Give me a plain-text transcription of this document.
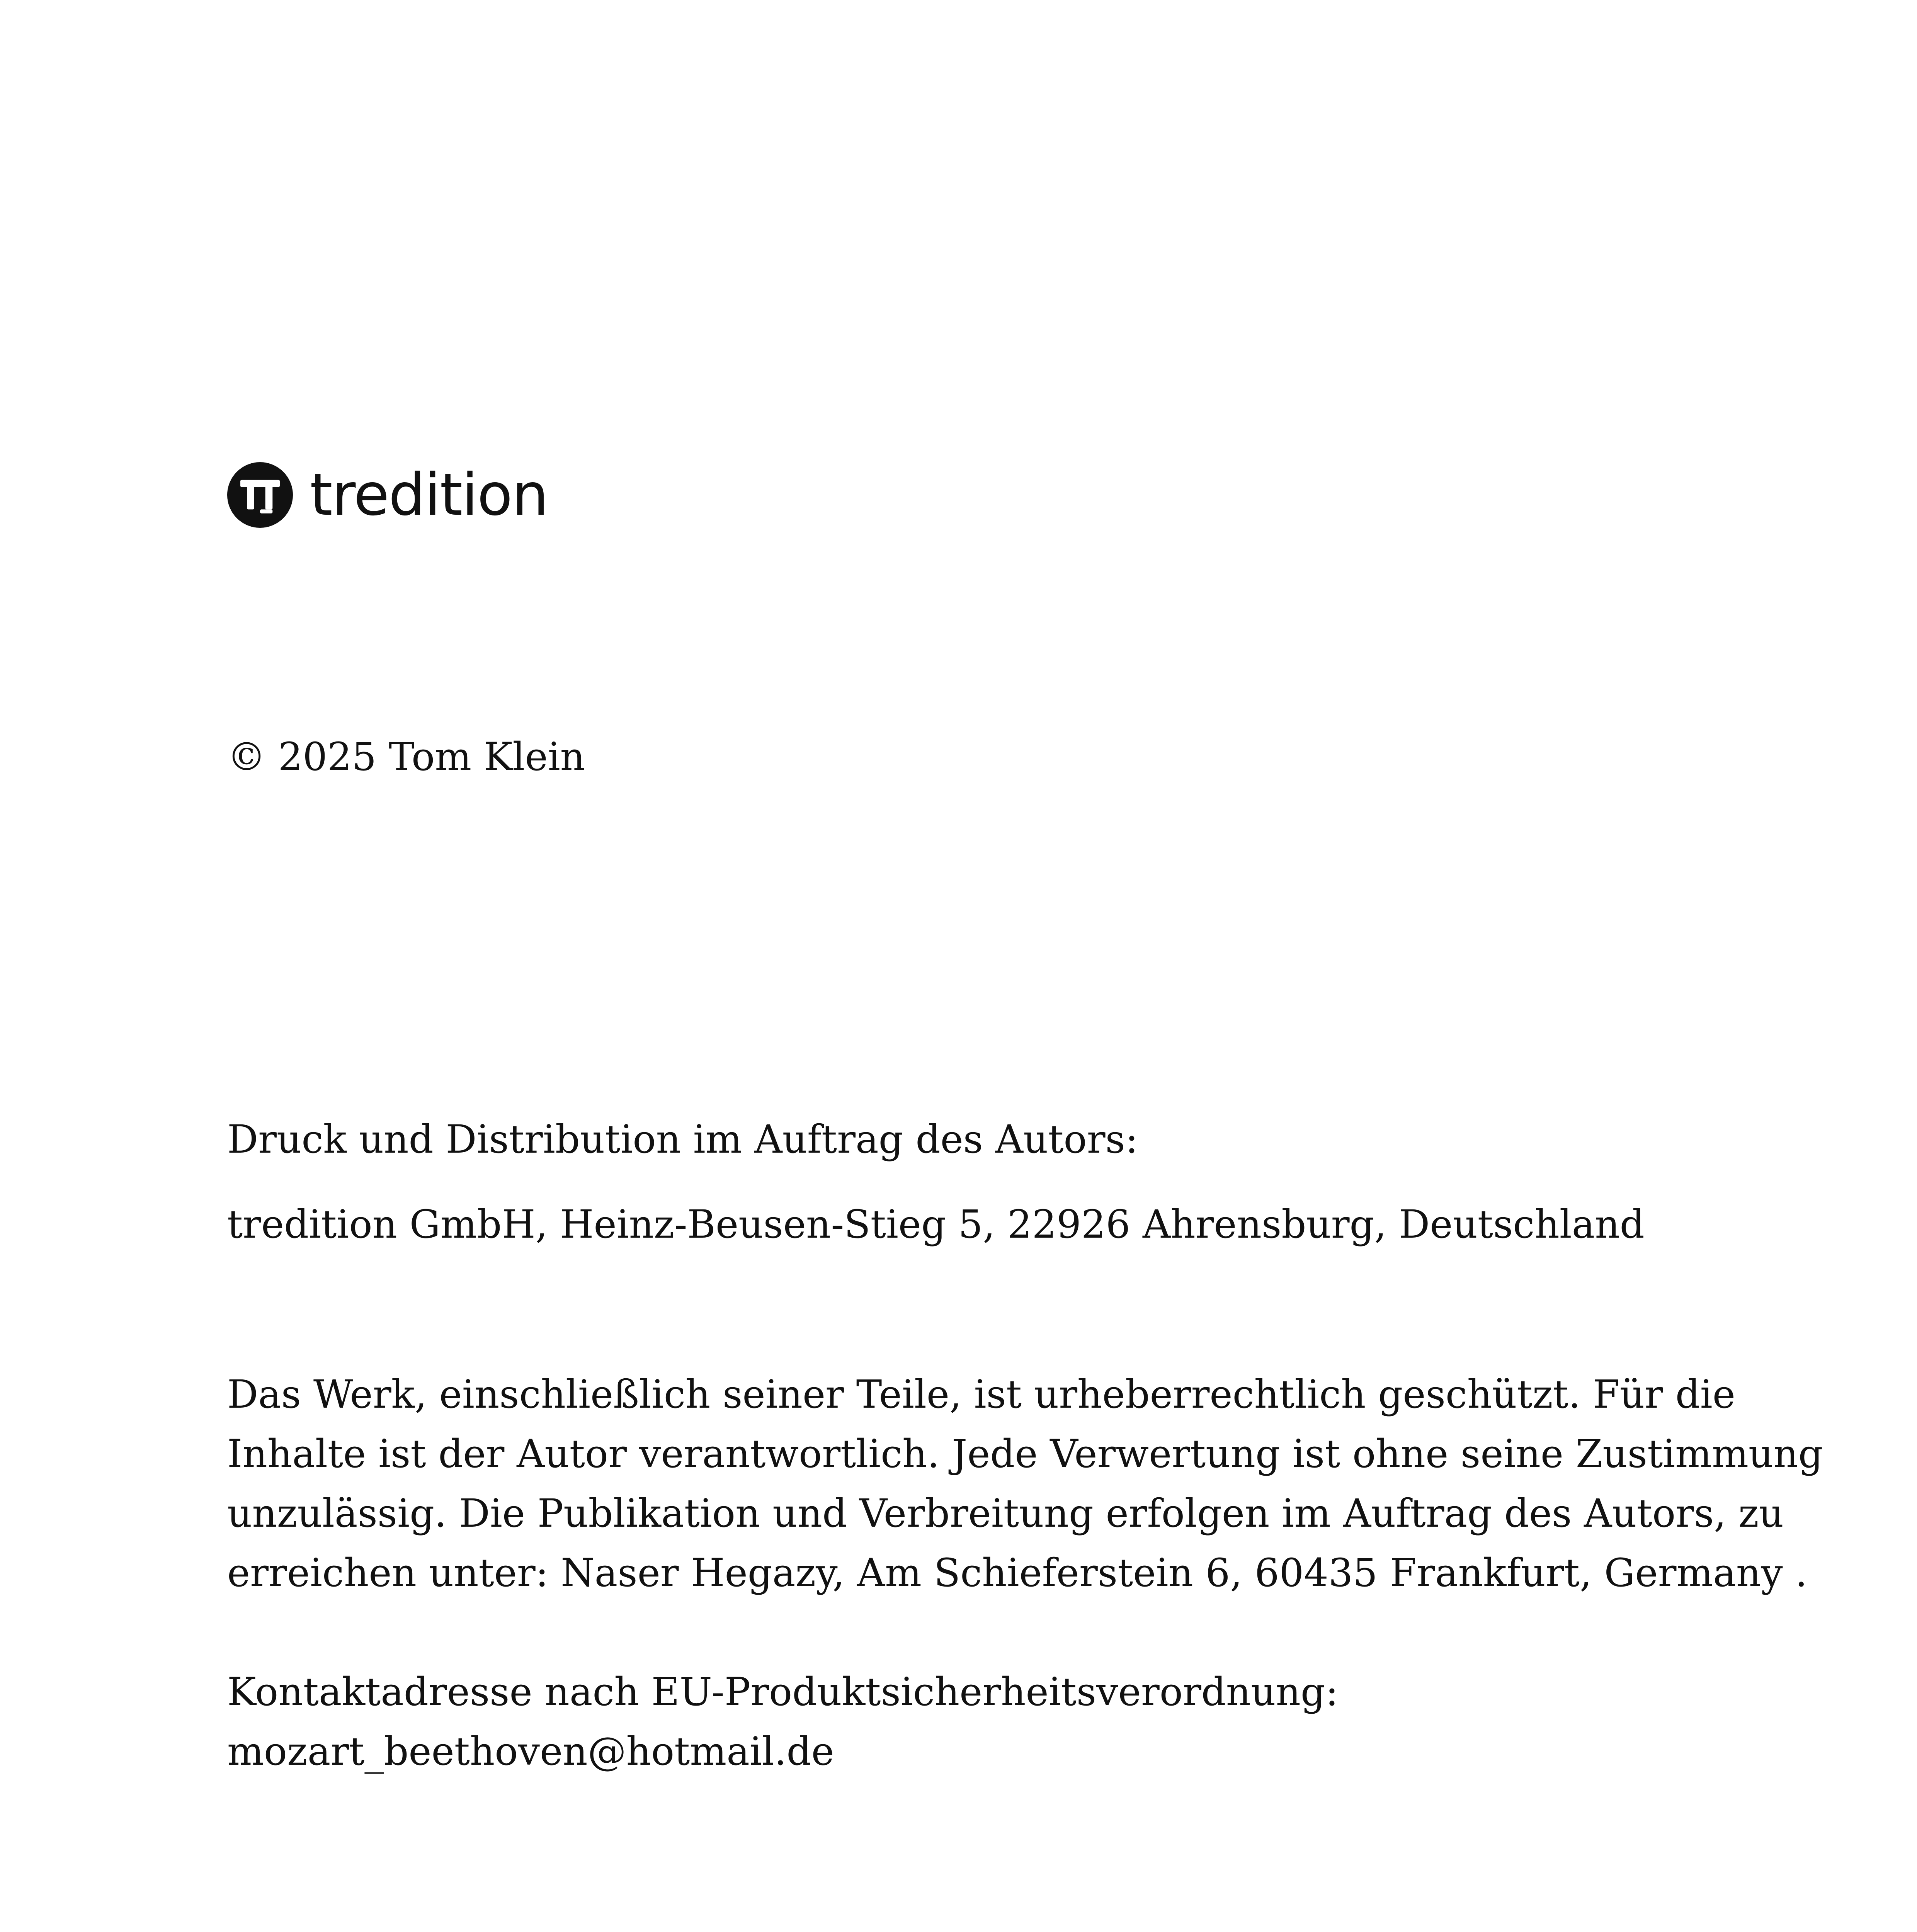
tredition

© 2025 Tom Klein

Druck und Distribution im Auftrag des Autors:

tredition GmbH, Heinz-Beusen-Stieg 5, 22926 Ahrensburg, Deutschland

Das Werk, einschließlich seiner Teile, ist urheberrechtlich geschützt. Für die
Inhalte ist der Autor verantwortlich. Jede Verwertung ist ohne seine Zustimmung
unzulässig. Die Publikation und Verbreitung erfolgen im Auftrag des Autors, zu
erreichen unter: Naser Hegazy, Am Schieferstein 6, 60435 Frankfurt, Germany .

Kontaktadresse nach EU-Produktsicherheitsverordnung:

mozart_beethoven@hotmail.de
